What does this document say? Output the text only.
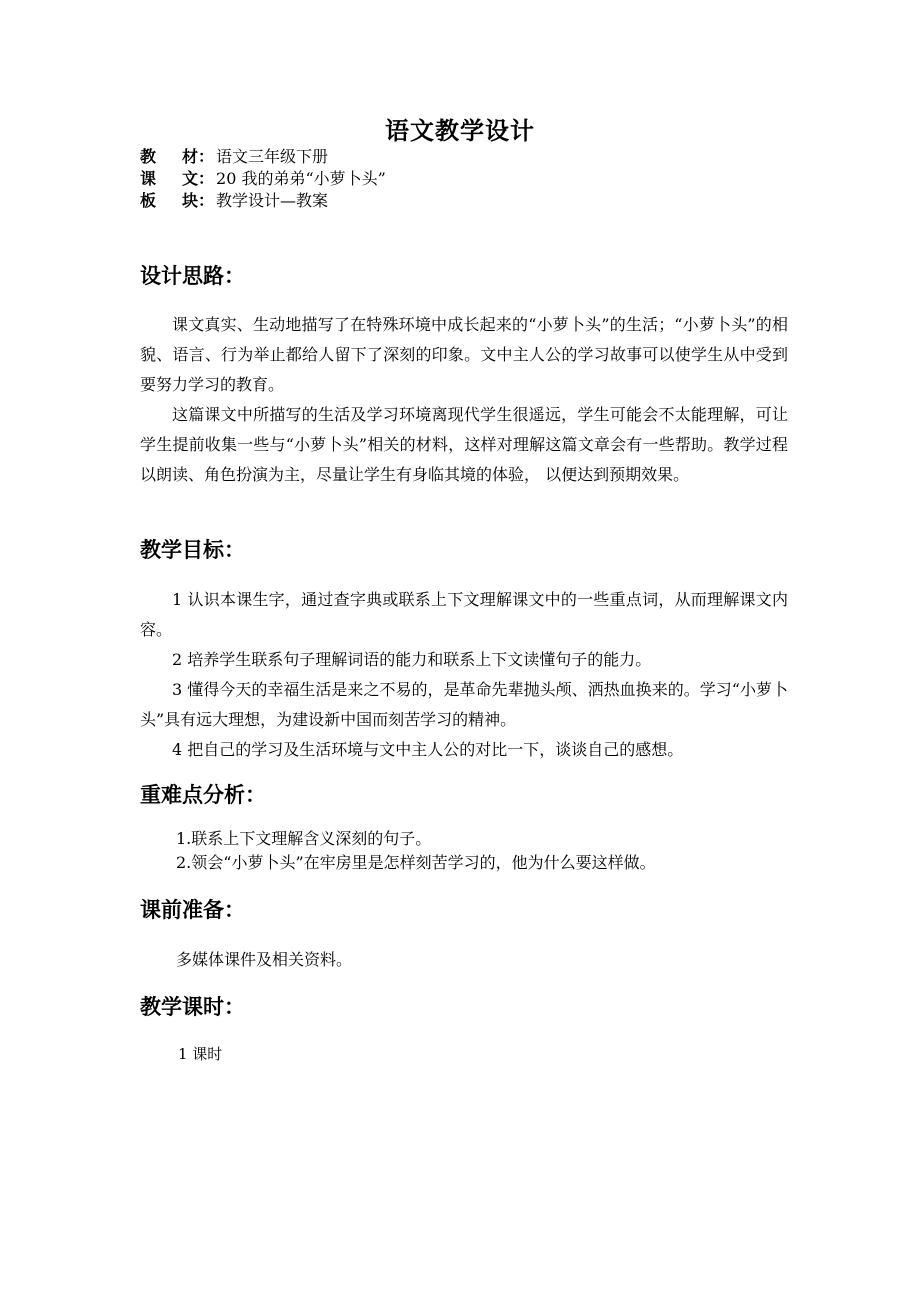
语文教学设计
教材： 语文三年级下册
课文： 20 我的弟弟“小萝卜头”
板块： 教学设计—教案
设计思路：
课文真实、生动地描写了在特殊环境中成长起来的“小萝卜头”的生活；“小萝卜头”的相貌、语言、行为举止都给人留下了深刻的印象。文中主人公的学习故事可以使学生从中受到要努力学习的教育。
这篇课文中所描写的生活及学习环境离现代学生很遥远，学生可能会不太能理解，可让学生提前收集一些与“小萝卜头”相关的材料，这样对理解这篇文章会有一些帮助。教学过程以朗读、角色扮演为主，尽量让学生有身临其境的体验， 以便达到预期效果。
教学目标：
1 认识本课生字，通过查字典或联系上下文理解课文中的一些重点词，从而理解课文内容。
2 培养学生联系句子理解词语的能力和联系上下文读懂句子的能力。
3 懂得今天的幸福生活是来之不易的，是革命先辈抛头颅、洒热血换来的。学习“小萝卜头”具有远大理想，为建设新中国而刻苦学习的精神。
4 把自己的学习及生活环境与文中主人公的对比一下，谈谈自己的感想。
重难点分析：
1.联系上下文理解含义深刻的句子。
2.领会“小萝卜头”在牢房里是怎样刻苦学习的，他为什么要这样做。
课前准备：
多媒体课件及相关资料。
教学课时：
1 课时
